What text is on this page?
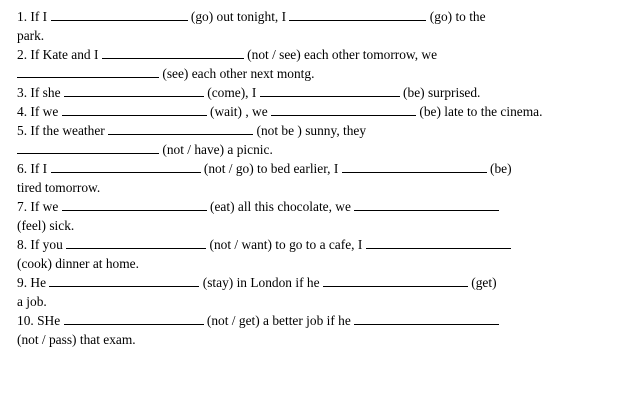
1. If I	(go) out tonight, I	(go) to the
park.
2. If Kate and I	(not / see) each other tomorrow, we
(see) each other next montg.
3. If she	(come), I	(be) surprised.
4. If we	(wait) , we	(be) late to the cinema.
5. If the weather	(not be ) sunny, they
(not / have) a picnic.
6. If I	(not / go) to bed earlier, I	(be)
tired tomorrow.
7. If we	(eat) all this chocolate, we
(feel) sick.
8. If you	(not / want) to go to a cafe, I
(cook) dinner at home.
9. He	(stay) in London if he	(get)
a job.
10. SHe	(not / get) a better job if he
(not / pass) that exam.
